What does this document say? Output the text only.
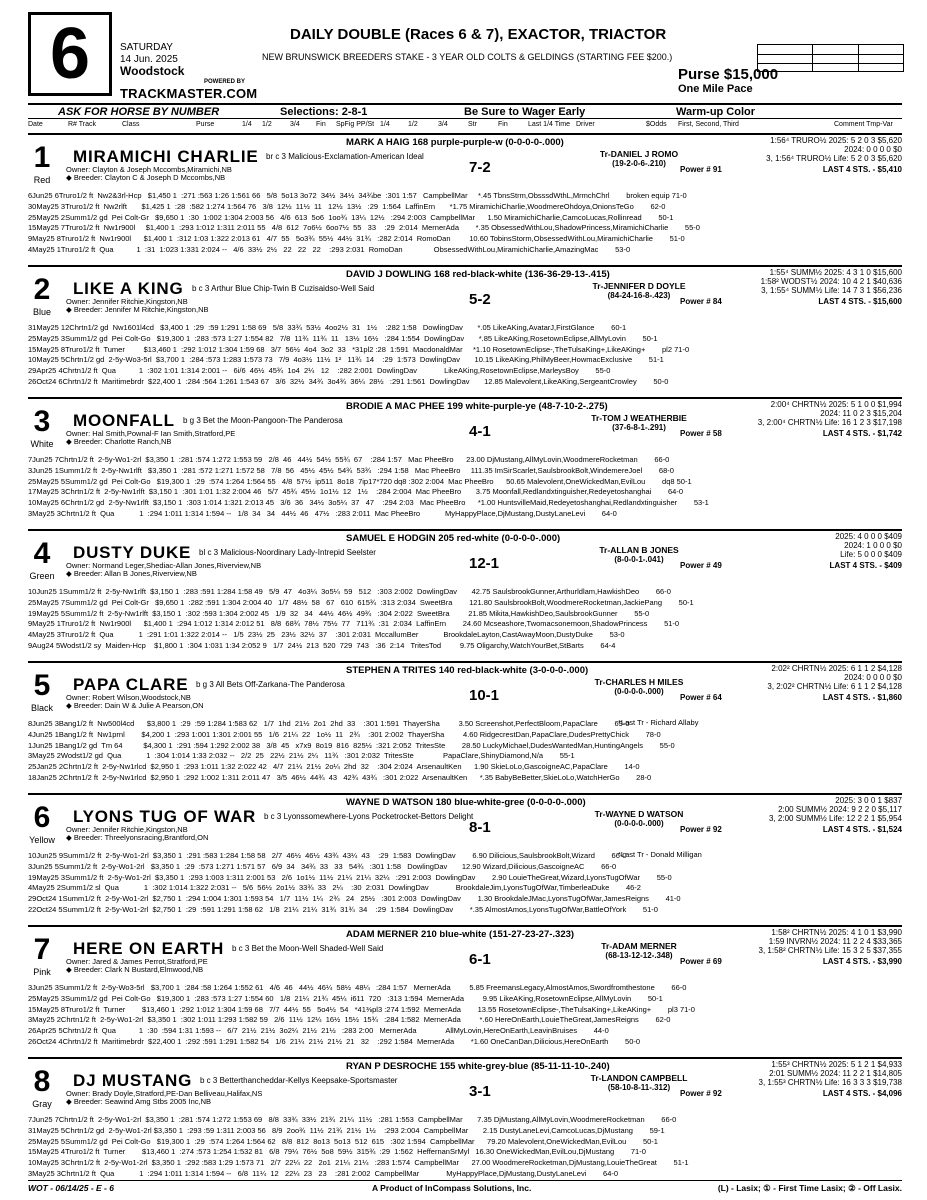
6	SATURDAY
14 Jun. 2025
Woodstock
POWERED BY
TRACKMASTER.COM
DAILY DOUBLE (Races 6 & 7), EXACTOR, TRIACTOR
NEW BRUNSWICK BREEDERS STAKE - 3 YEAR OLD COLTS & GELDINGS (STARTING FEE $200.)
Purse $15,000
One Mile Pace
ASK FOR HORSE BY NUMBER	Selections: 2-8-1	Be Sure to Wager Early	Warm-up Color
Date	R# Track	Class	Purse	1/4 1/2	3/4 Fin SpFig PP/St 1/4	1/2	3/4	Str	Fin	Last 1/4 Time Driver	$Odds First, Second, Third	Comment Tmp-Var
1
Red
MIRAMICHI CHARLIE br c 3 Malicious-Exclamation-American Ideal
Owner: Clayton & Joseph Mccombs,Miramichi,NB
◆ Breeder: Clayton C & Joseph D Mccombs,NB
MARK A HAIG 168 purple-purple-w (0-0-0-0-.000)
7-2
Tr-DANIEL J ROMO
(19-2-0-6-.210)
1:56⁴ TRURO½ 2025: 5 2 0 3 $5,620
2024: 0 0 0 0 $0
3, 1:56⁴ TRURO½ Life: 5 2 0 3 $5,620
Power # 91	LAST 4 STS. - $5,410
6Jun25 6Truro1/2 ft  Nw2&3rl-Hcp   $1,450 1  :271 :563 1:26 1:561 66   5/8  5o13 3o72  34½  34½  34¾be  :301 1:57   CampbellMar     *.45 TbnsStrm,ObsssdWthL,MrmchChrl        broken equip 71-0
30May25 3Truro1/2 ft  Nw2rlft       $1,425 1  :28  :582 1:274 1:564 76   3/8  12½  11½  11   12½  13½   :29  1:564  LaffinErn       *1.75 MiramichiCharlie,WoodmereOhdoya,OnionsTeGo        62-0
25May25 2Summ1/2 gd  Pei Colt-Gr   $9,650 1  :30  1:002 1:304 2:003 56   4/6  613  5o6  1oo¾  13¼  12½   :294 2:003  CampbellMar      1.50 MiramichiCharlie,CamcoLucas,Rollinread        50-1
15May25 7Truro1/2 ft  Nw1r900l     $1,400 1  :293 1:012 1:311 2:011 55   4/8  612  7o6½  6oo7½  55   33    :29  2:014  MernerAda        *.35 ObsessedWithLou,ShadowPrincess,MiramichiCharlie        55-0
9May25 8Truro1/2 ft  Nw1r900l      $1,400 1  :312 1:03 1:322 2:013 61   4/7  55   5o3¾  55½  44½  31¾   :282 2:014  RomoDan         10.60 TobinsStorm,ObsessedWithLou,MiramichiCharlie        51-0
4May25 1Truro1/2 ft  Qua           1  :31  1:023 1:331 2:024 --   4/6  33½  2½   22   22   22    :293 2:031  RomoDan               ObsessedWithLou,MiramichiCharlie,AmazingMac        53-0
2
Blue
LIKE A KING b c 3 Arthur Blue Chip-Twin B Cuzisaidso-Well Said
Owner: Jennifer Ritchie,Kingston,NB
◆ Breeder: Jennifer M Ritchie,Kingston,NB
DAVID J DOWLING 168 red-black-white (136-36-29-13-.415)
5-2
Tr-JENNIFER D DOYLE
(84-24-16-8-.423)
1:55⁴ SUMM½ 2025: 4 3 1 0 $15,600
1:58² WODST½ 2024: 10 4 2 1 $40,636
3, 1:55⁴ SUMM½ Life: 14 7 3 1 $56,236
Power # 84	LAST 4 STS. - $15,600
31May25 12Chrtn1/2 gd  Nw1601l4cd   $3,400 1  :29  :59 1:291 1:58 69   5/8  33¾  53½  4oo2½  31   1½    :282 1:58   DowlingDav       *.05 LikeAKing,AvatarJ,FirstGlance        60-1
25May25 3Summ1/2 gd  Pei Colt-Go   $19,300 1  :283 :573 1:27 1:554 82   7/8  11¾  11¾  11   13½  16½   :284 1:554  DowlingDav       *.85 LikeAKing,RosetownEclipse,AllMyLovin        50-1
15May25 8Truro1/2 ft  Tumer         $13,460 1  :292 1:012 1:304 1:59 68   3/7  56½  4o4  3o2  33   *31pl2 :28  1:591  MacdonaldMar     *1.10 RosetownEclipse-,TheTulsaKing+,LikeAKing+        pl2 71-0
10May25 5Chrtn1/2 gd  2-5y-Wo3-5rl  $3,700 1  :284 :573 1:283 1:573 73   7/9  4o3½  11½  1²   11¾  14    :29  1:573  DowlingDav       10.15 LikeAKing,PhilMyBeer,HowmacExclusive        51-1
29Apr25 4Chrtn1/2 ft  Qua           1  :302 1:01 1:314 2:001 --   6i/6  46½  45¾  1o4  2¼   12    :282 2:001  DowlingDav             LikeAKing,RosetownEclipse,MarleysBoy        55-0
26Oct24 6Chrtn1/2 ft  Maritimebrdr  $22,400 1  :284 :564 1:261 1:543 67   3/6  32½  34¾  3o4¾  36¼  28½   :291 1:561  DowlingDav       12.85 Malevolent,LikeAKing,SergeantCrowley        50-0
3
White
MOONFALL b g 3 Bet the Moon-Pangoon-The Panderosa
Owner: Hal Smith,Pownal-F Ian Smith,Stratford,PE
◆ Breeder: Charlotte Ranch,NB
BRODIE A MAC PHEE 199 white-purple-ye (48-7-10-2-.275)
4-1
Tr-TOM J WEATHERBIE
(37-6-8-1-.291)
2:00⁴ CHRTN½ 2025: 5 1 0 0 $1,994
2024: 11 0 2 3 $15,204
3, 2:00⁴ CHRTN½ Life: 16 1 2 3 $17,198
Power # 58	LAST 4 STS. - $1,742
7Jun25 7Chrtn1/2 ft  2-5y-Wo1-2rl  $3,350 1  :281 :574 1:272 1:553 59   2/8  46   44½  54½  55¾  67    :284 1:57   Mac PheeBro      23.00 DjMustang,AllMyLovin,WoodmereRocketman        66-0
3Jun25 1Summ1/2 ft  2-5y-Nw1rlft   $3,350 1  :281 :572 1:271 1:572 58   7/8  56   45½  45½  54¾  53¾   :294 1:58   Mac PheeBro     111.35 ImSirScarlet,SaulsbrookBolt,WindemereJoel        68-0
25May25 5Summ1/2 gd  Pei Colt-Go   $19,300 1  :29  :574 1:264 1:564 55   4/8  57½  ip511  8o18  7ip17*720 dq8 :302 2:004  Mac PheeBro      50.65 Malevolent,OneWickedMan,EvilLou        dq8 50-1
17May25 3Chrtn1/2 ft  2-5y-Nw1rlft  $3,150 1  :301 1:01 1:32 2:004 46   5/7  45¾  45½  1o1½  12   1½    :284 2:004  Mac PheeBro       3.75 Moonfall,Redlandxtinguisher,Redeyetoshanghai        64-0
10May25 6Chrtn1/2 gd  2-5y-Nw1rlft  $3,150 1  :303 1:014 1:321 2:013 45   3/6  36   34½  3o5¼  37   47    :294 2:03   Mac PheeBro      *1.00 HuntsvilleMaid,Redeyetoshanghai,Redlandxtinguisher        53-1
3May25 3Chrtn1/2 ft  Qua            1  :294 1:011 1:314 1:594 --   1/8  34   34   44½  46   47½   :283 2:011  Mac PheeBro            MyHappyPlace,DjMustang,DustyLaneLevi        64-0
4
Green
DUSTY DUKE bl c 3 Malicious-Noordinary Lady-Intrepid Seelster
Owner: Normand Leger,Shediac-Allan Jones,Riverview,NB
◆ Breeder: Allan B Jones,Riverview,NB
SAMUEL E HODGIN 205 red-white (0-0-0-0-.000)
12-1
Tr-ALLAN B JONES
(8-0-0-1-.041)
2025: 4 0 0 0 $409
2024: 1 0 0 0 $0
Life: 5 0 0 0 $409
Power # 49	LAST 4 STS. - $409
10Jun25 1Summ1/2 ft  2-5y-Nw1rlft  $3,150 1  :283 :591 1:284 1:58 49   5/9  47   4o3¼  3o5¼  59   512   :303 2:002  DowlingDav       42.75 SaulsbrookGunner,Arthurldlam,HawkishDeo        66-0
25May25 7Summ1/2 gd  Pei Colt-Gr   $9,650 1  :282 :591 1:304 2:004 40   1/7  48½  58   67   610  615¾  :313 2:034  SweetBra        121.80 SaulsbrookBolt,WoodmereRocketman,JackiePang        50-1
19May25 5Summ1/2 ft  2-5y-Nw1rlft  $3,150 1  :302 :593 1:304 2:002 45   1/9  32   34   44½  46½  49¾   :304 2:022  SweetBra         21.85 Mikita,HawkishDeo,SaulsbrookGunner        55-0
9May25 1Truro1/2 ft  Nw1r900l      $1,400 1  :294 1:012 1:314 2:012 51   8/8  68¾  78½  75½  77   711¾  :31  2:034  LaffinErn        24.60 Mcseashore,Twomacsonemoon,ShadowPrincess        51-0
4May25 3Truro1/2 ft  Qua            1  :291 1:01 1:322 2:014 --   1/5  23½  25   23½  32½  37    :301 2:031  MccallumBer            BrookdaleLayton,CastAwayMoon,DustyDuke        53-0
9Aug24 5Wodst1/2 sy  Maiden-Hcp    $1,800 1  :304 1:031 1:34 2:052 9   1/7  24½  213  520  729  743   :36  2:14   TritesTod         9.75 Oligarchy,WatchYourBet,StBarts        64-4
5
Black
PAPA CLARE b g 3 All Bets Off-Zarkana-The Panderosa
Owner: Robert Wilson,Woodstock,NB
◆ Breeder: Dain W & Julie A Pearson,ON
STEPHEN A TRITES 140 red-black-white (3-0-0-0-.000)
10-1
Tr-CHARLES H MILES
(0-0-0-0-.000)
*Last Tr - Richard Allaby
2:02² CHRTN½ 2025: 6 1 1 2 $4,128
2024: 0 0 0 0 $0
3, 2:02² CHRTN½ Life: 6 1 1 2 $4,128
Power # 64	LAST 4 STS. - $1,860
8Jun25 3Bang1/2 ft  Nw500l4cd      $3,800 1  :29  :59 1:284 1:583 62   1/7  1hd  21½  2o1  2hd  33    :301 1:591  ThayerSha         3.50 Screenshot,PerfectBloom,PapaClare        69-0
4Jun25 1Bang1/2 ft  Nw1prnl        $4,200 1  :293 1:001 1:301 2:001 55   1/6  21¼  22   1o½  11   2¾    :301 2:002  ThayerSha         4.60 RidgecrestDan,PapaClare,DudesPrettyChick        78-0
1Jun25 1Bang1/2 gd  Tm 64          $4,300 1  :291 :594 1:292 2:002 38   3/8  45   x7x9  8o19  816  825½  :321 2:052  TritesSte        28.50 LuckyMichael,DudesWantedMan,HuntingAngels        55-0
3May25 2Wodst1/2 gd  Qua            1  :304 1:014 1:33 2:032 --   2/2  25   22½  21½  2¼   11¾   :301 2:032  TritesSte              PapaClare,ShinyDiamond,N/a        55-1
25Jan25 2Chrtn1/2 ft  2-5y-Nw1rlcd  $2,950 1  :293 1:011 1:32 2:022 42   4/7  21¼  21½  2o¼  2hd  32    :304 2:024  ArsenaultKen      1.90 SkieLoLo,GascoigneAC,PapaClare        14-0
18Jan25 2Chrtn1/2 ft  2-5y-Nw1rlcd  $2,950 1  :292 1:002 1:311 2:011 47   3/5  46½  44¾  43   42¾  43¾   :301 2:022  ArsenaultKen      *.35 BabyBeBetter,SkieLoLo,WatchHerGo        28-0
6
Yellow
LYONS TUG OF WAR b c 3 Lyonssomewhere-Lyons Pocketrocket-Bettors Delight
Owner: Jennifer Ritchie,Kingston,NB
◆ Breeder: Threelyonsracing,Brantford,ON
WAYNE D WATSON 180 blue-white-gree (0-0-0-0-.000)
8-1
Tr-WAYNE D WATSON
(0-0-0-0-.000)
*Last Tr - Donald Milligan
2025: 3 0 0 1 $837
2:00 SUMM½ 2024: 9 2 2 0 $5,117
3, 2:00 SUMM½ Life: 12 2 2 1 $5,954
Power # 92	LAST 4 STS. - $1,524
10Jun25 9Summ1/2 ft  2-5y-Wo1-2rl  $3,350 1  :291 :583 1:284 1:58 58   2/7  46½  46½  43¾  43¼  43    :29  1:583  DowlingDav        6.90 Dilicious,SaulsbrookBolt,Wizard        66-0
3Jun25 5Summ1/2 ft  2-5y-Wo1-2rl   $3,350 1  :29  :573 1:271 1:571 57   6/9  34   34¾  33   33   54¾   :301 1:58   DowlingDav       12.90 Wizard,Dilicious,GascoigneAC        66-0
19May25 3Summ1/2 ft  2-5y-Wo1-2rl  $3,350 1  :293 1:003 1:311 2:001 53   2/6  1o1½  11½  21¼  21¼  32¼   :291 2:003  DowlingDav        2.90 LouieTheGreat,Wizard,LyonsTugOfWar        55-0
4May25 2Summ1/2 sl  Qua            1  :302 1:014 1:322 2:031 --   5/6  56½  2o1½  33¾  33   2¼    :30  2:031  DowlingDav             BrookdaleJim,LyonsTugOfWar,TimberleaDuke        46-2
29Oct24 1Summ1/2 ft  2-5y-Wo1-2rl  $2,750 1  :294 1:004 1:301 1:593 54   1/7  11½  1¼   2¾   24   25½   :301 2:003  DowlingDav        1.30 BrookdaleJMac,LyonsTugOfWar,JamesReigns        41-0
22Oct24 5Summ1/2 ft  2-5y-Wo1-2rl  $2,750 1  :29  :591 1:291 1:58 62   1/8  21¼  21¼  31¾  31¾  34    :29  1:584  DowlingDav        *.35 AlmostAmos,LyonsTugOfWar,BattleOfYork        51-0
7
Pink
HERE ON EARTH b c 3 Bet the Moon-Well Shaded-Well Said
Owner: Jared & James Perrot,Stratford,PE
◆ Breeder: Clark N Bustard,Elmwood,NB
ADAM MERNER 210 blue-white (151-27-23-27-.323)
6-1
Tr-ADAM MERNER
(68-13-12-12-.348)
1:58² CHRTN½ 2025: 4 1 0 1 $3,990
1:59 INVRN½ 2024: 11 2 2 4 $33,365
3, 1:58² CHRTN½ Life: 15 3 2 5 $37,355
Power # 69	LAST 4 STS. - $3,990
3Jun25 3Summ1/2 ft  2-5y-Wo3-5rl   $3,700 1  :284 :58 1:264 1:552 61   4/6  46   44½  46¼  58½  48¼   :284 1:57   MernerAda         5.85 FreemansLegacy,AlmostAmos,Swordfromthestone        66-0
25May25 3Summ1/2 gd  Pei Colt-Go   $19,300 1  :283 :573 1:27 1:554 60   1/8  21¼  21¾  45¼  i611  720   :313 1:594  MernerAda         9.95 LikeAKing,RosetownEclipse,AllMyLovin        50-1
15May25 8Truro1/2 ft  Turner        $13,460 1  :292 1:012 1:304 1:59 68   7/7  44½  55   5o4½  54   *41⅜pl3 :274 1:592  MernerAda        13.55 RosetownEclipse-,TheTulsaKing+,LikeAKing+        pl3 71-0
3May25 2Chrtn1/2 ft  2-5y-Wo1-2rl  $3,350 1  :302 1:011 1:293 1:582 59   2/6  11½  12¼  16½  15½  15¾   :284 1:582  MernerAda         *.60 HereOnEarth,LouieTheGreat,JamesReigns        62-0
26Apr25 5Chrtn1/2 ft  Qua           1  :30  :594 1:31 1:593 --   6/7  21½  21½  3o2¼  21½  21½   :283 2:00   MernerAda              AllMyLovin,HereOnEarth,LeavinBruises        44-0
26Oct24 4Chrtn1/2 ft  Maritimebrdr  $22,400 1  :292 :591 1:291 1:582 54   1/6  21¼  21½  21½  21   32    :292 1:584  MernerAda        *1.60 OneCanDan,Dilicious,HereOnEarth        50-0
8
Gray
DJ MUSTANG b c 3 Betterthancheddar-Kellys Keepsake-Sportsmaster
Owner: Brady Doyle,Stratford,PE-Dan Belliveau,Halifax,NS
◆ Breeder: Seawind Amg Stbs 2005 Inc,NB
RYAN P DESROCHE 155 white-grey-blue (85-11-11-10-.240)
3-1
Tr-LANDON CAMPBELL
(58-10-8-11-.312)
1:55³ CHRTN½ 2025: 5 1 2 1 $4,933
2:01 SUMM½ 2024: 11 2 2 1 $14,805
3, 1:55³ CHRTN½ Life: 16 3 3 3 $19,738
Power # 92	LAST 4 STS. - $4,096
7Jun25 7Chrtn1/2 ft  2-5y-Wo1-2rl  $3,350 1  :281 :574 1:272 1:553 69   8/8  33¾  33½  21¾  21¼  11½   :281 1:553  CampbellMar       7.35 DjMustang,AllMyLovin,WoodmereRocketman        66-0
31May25 5Chrtn1/2 gd  2-5y-Wo1-2rl $3,350 1  :293 :59 1:311 2:003 56   8/9  2oo¾  11½  21¾  21½  1½    :293 2:004  CampbellMar       2.15 DustyLaneLevi,CamcoLucas,DjMustang        59-1
25May25 5Summ1/2 gd  Pei Colt-Go   $19,300 1  :29  :574 1:264 1:564 62   8/8  812  8o13  5o13  512  615   :302 1:594  CampbellMar      79.20 Malevolent,OneWickedMan,EvilLou        50-1
15May25 4Truro1/2 ft  Turner        $13,460 1  :274 :573 1:254 1:532 81   6/8  79¼  76½  5o8  59½  315¾  :29  1:562  HeffernanSrMyl   16.30 OneWickedMan,EvilLou,DjMustang        71-0
10May25 3Chrtn1/2 ft  2-5y-Wo1-2rl  $3,350 1  :292 :583 1:29 1:573 71   2/7  22¼  22   2o1  21¼  21¼   :283 1:574  CampbellMar      27.00 WoodmereRocketman,DjMustang,LouieTheGreat        51-1
3May25 3Chrtn1/2 ft  Qua            1  :294 1:011 1:314 1:594 --   6/8  11¼  12   22¼  23   23    :281 2:002  CampbellMar             MyHappyPlace,DjMustang,DustyLaneLevi        64-0
WOT - 06/14/25 - E - 6	A Product of InCompass Solutions, Inc.	(L) - Lasix; ① - First Time Lasix; ② - Off Lasix.
